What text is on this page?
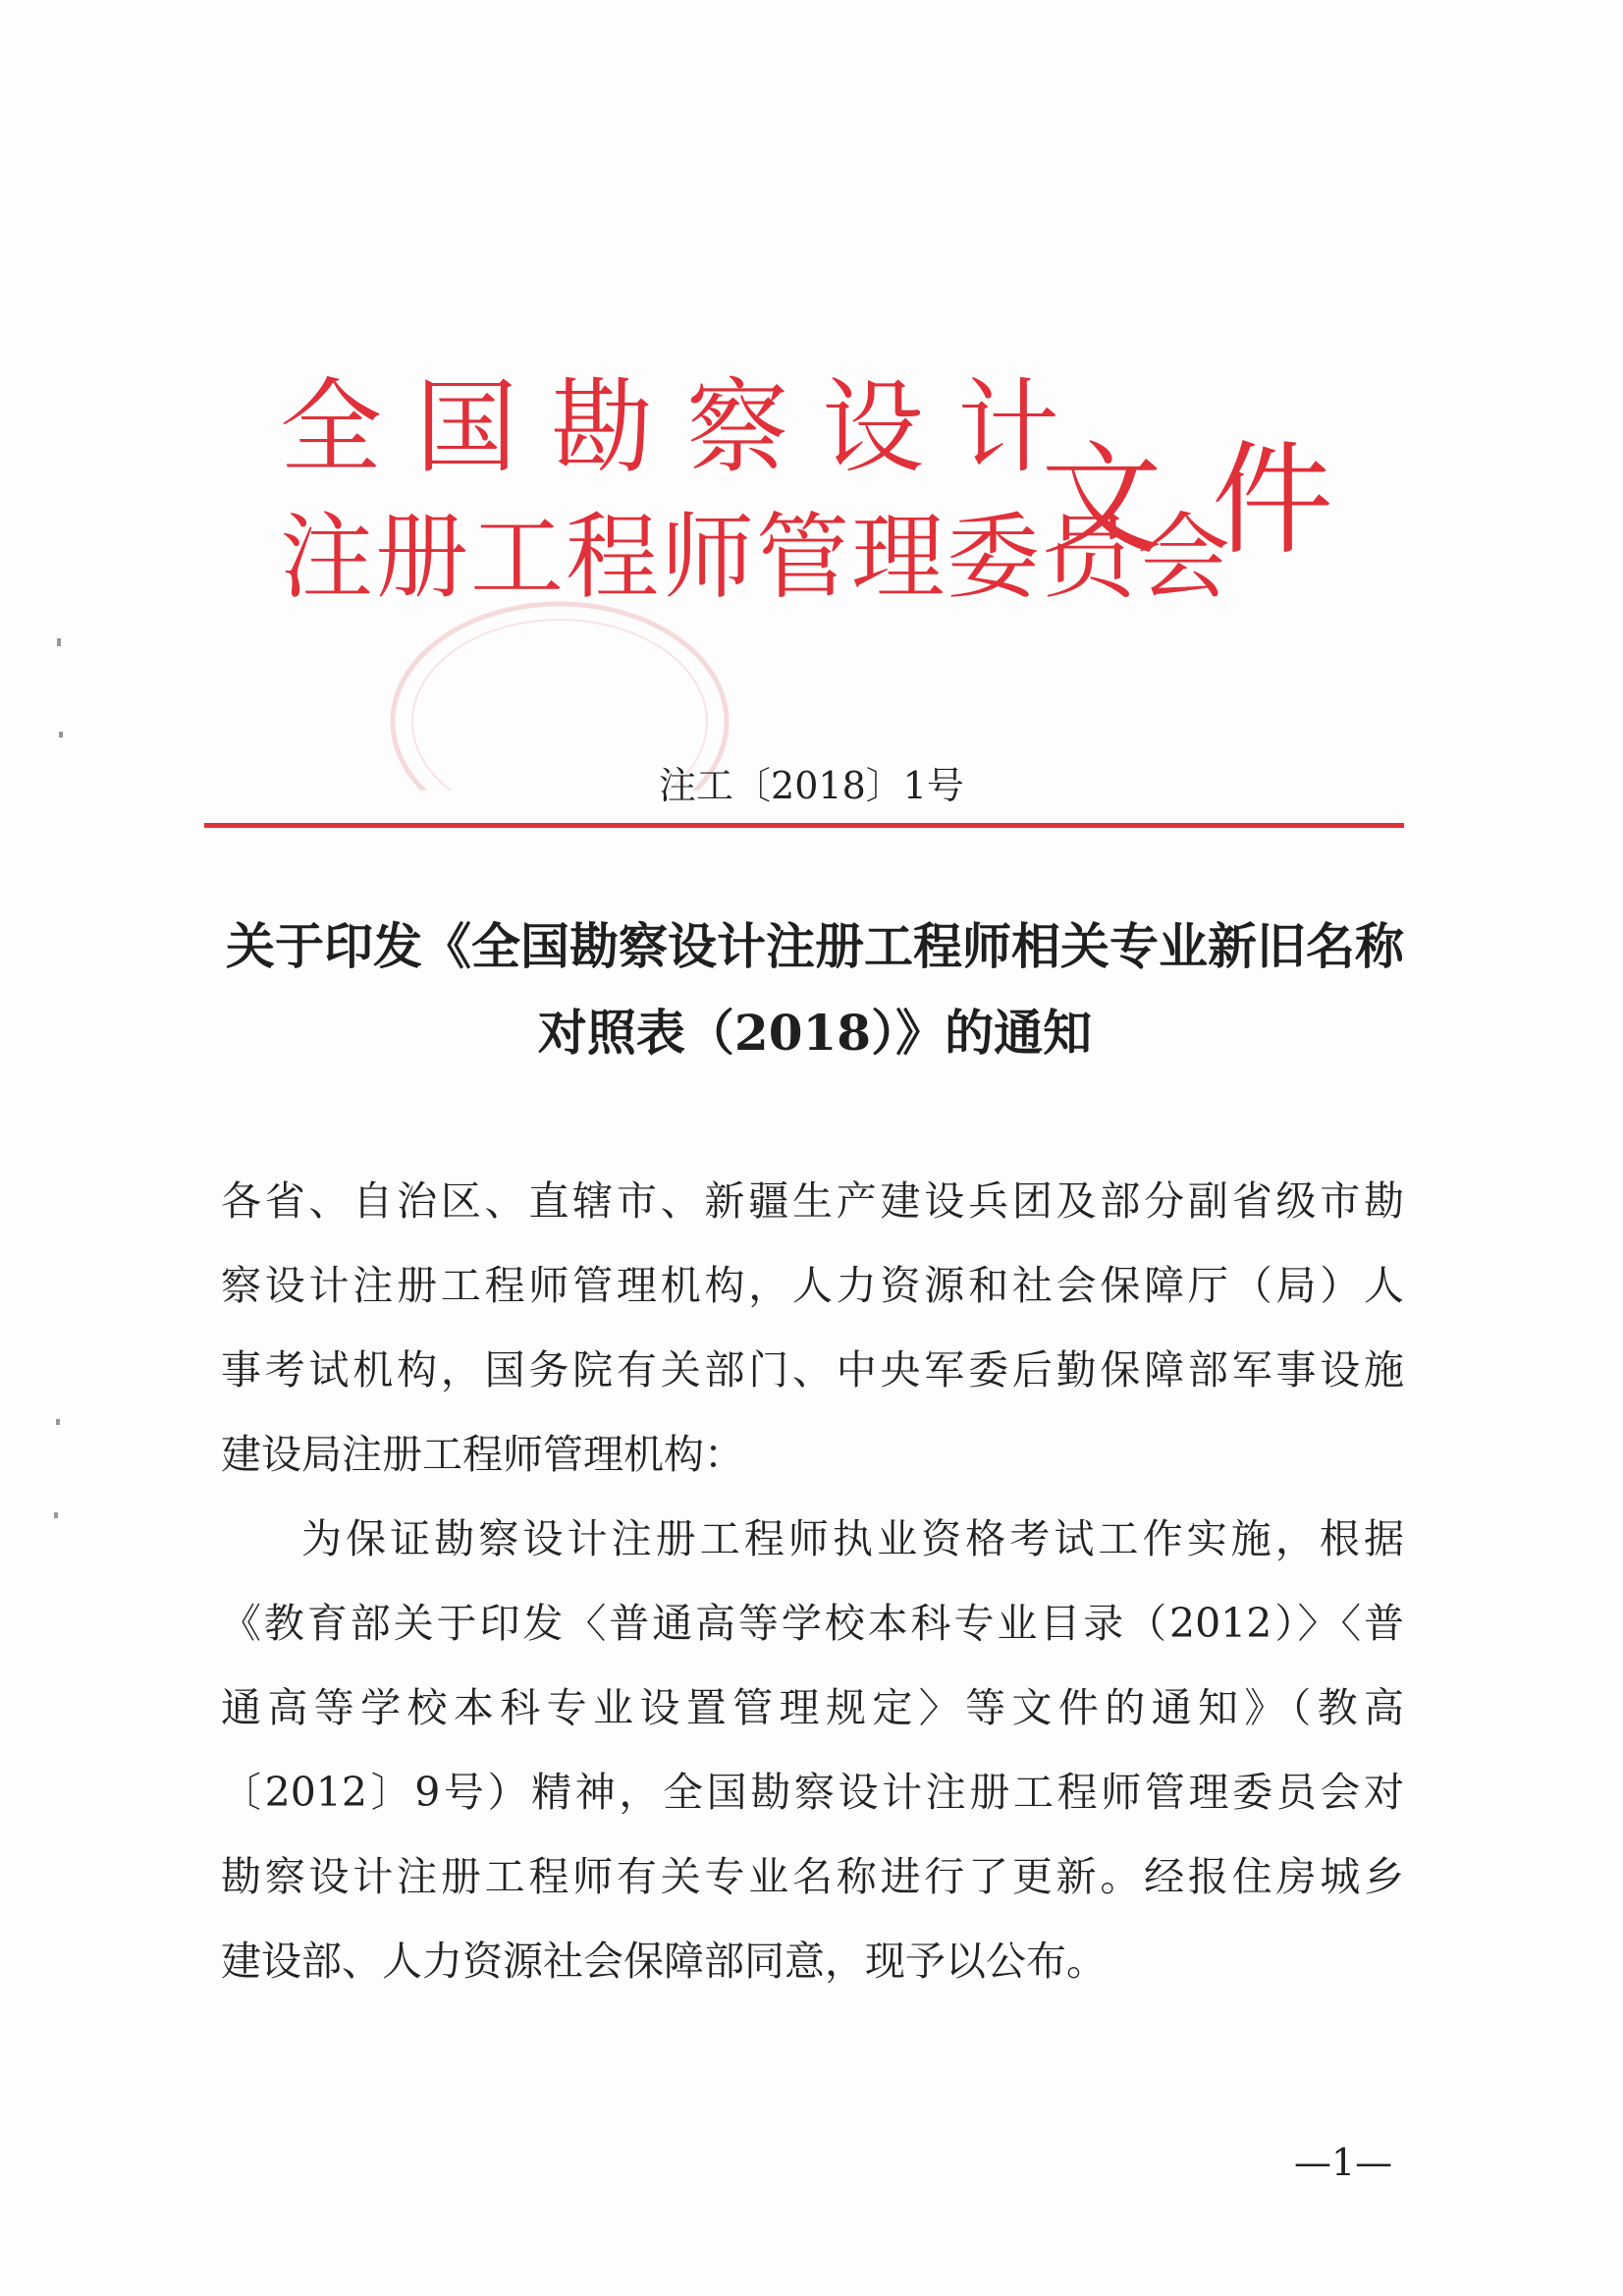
全国勘察设计
注册工程师管理委员会
文件
注工〔2018〕1号
关于印发《全国勘察设计注册工程师相关专业新旧名称
对照表（2018）》的通知
各省、自治区、直辖市、新疆生产建设兵团及部分副省级市勘
察设计注册工程师管理机构，人力资源和社会保障厅（局）人
事考试机构，国务院有关部门、中央军委后勤保障部军事设施
建设局注册工程师管理机构：
为保证勘察设计注册工程师执业资格考试工作实施，根据
《教育部关于印发〈普通高等学校本科专业目录（2012）〉〈普
通高等学校本科专业设置管理规定〉等文件的通知》（教高
〔2012〕9号）精神，全国勘察设计注册工程师管理委员会对
勘察设计注册工程师有关专业名称进行了更新。经报住房城乡
建设部、人力资源社会保障部同意，现予以公布。
—1—
